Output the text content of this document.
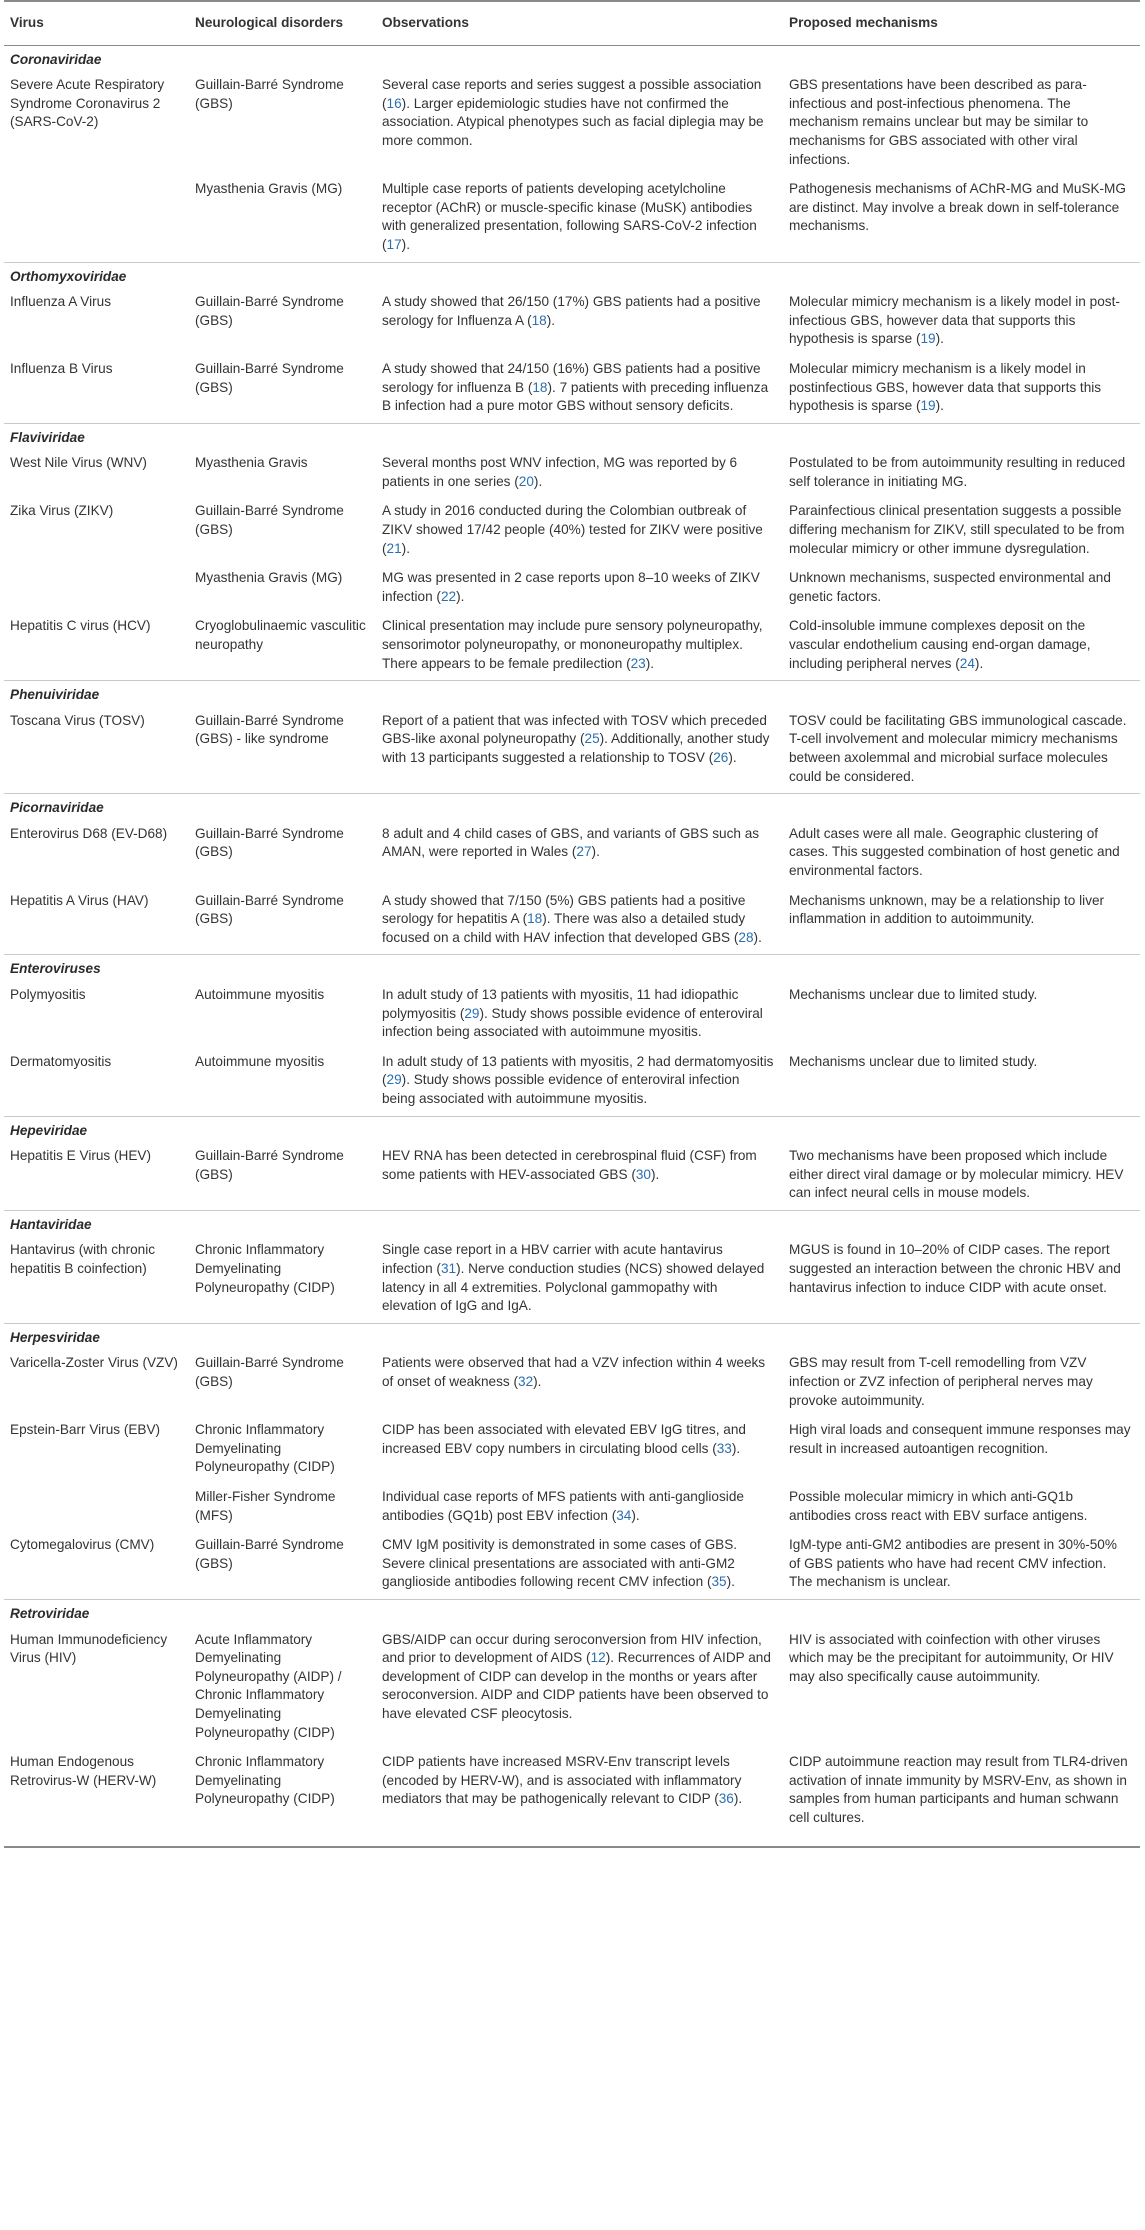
Virus	Neurological disorders	Observations	Proposed mechanisms
Coronaviridae			
Severe Acute Respiratory Syndrome Coronavirus 2 (SARS-CoV-2)	Guillain-Barré Syndrome (GBS)	Several case reports and series suggest a possible association (16). Larger epidemiologic studies have not confirmed the association. Atypical phenotypes such as facial diplegia may be more common.	GBS presentations have been described as para-infectious and post-infectious phenomena. The mechanism remains unclear but may be similar to mechanisms for GBS associated with other viral infections.
	Myasthenia Gravis (MG)	Multiple case reports of patients developing acetylcholine receptor (AChR) or muscle-specific kinase (MuSK) antibodies with generalized presentation, following SARS-CoV-2 infection (17).	Pathogenesis mechanisms of AChR-MG and MuSK-MG are distinct. May involve a break down in self-tolerance mechanisms.
Orthomyxoviridae			
Influenza A Virus	Guillain-Barré Syndrome (GBS)	A study showed that 26/150 (17%) GBS patients had a positive serology for Influenza A (18).	Molecular mimicry mechanism is a likely model in post-infectious GBS, however data that supports this hypothesis is sparse (19).
Influenza B Virus	Guillain-Barré Syndrome (GBS)	A study showed that 24/150 (16%) GBS patients had a positive serology for influenza B (18). 7 patients with preceding influenza B infection had a pure motor GBS without sensory deficits.	Molecular mimicry mechanism is a likely model in postinfectious GBS, however data that supports this hypothesis is sparse (19).
Flaviviridae			
West Nile Virus (WNV)	Myasthenia Gravis	Several months post WNV infection, MG was reported by 6 patients in one series (20).	Postulated to be from autoimmunity resulting in reduced self tolerance in initiating MG.
Zika Virus (ZIKV)	Guillain-Barré Syndrome (GBS)	A study in 2016 conducted during the Colombian outbreak of ZIKV showed 17/42 people (40%) tested for ZIKV were positive (21).	Parainfectious clinical presentation suggests a possible differing mechanism for ZIKV, still speculated to be from molecular mimicry or other immune dysregulation.
	Myasthenia Gravis (MG)	MG was presented in 2 case reports upon 8–10 weeks of ZIKV infection (22).	Unknown mechanisms, suspected environmental and genetic factors.
Hepatitis C virus (HCV)	Cryoglobulinaemic vasculitic neuropathy	Clinical presentation may include pure sensory polyneuropathy, sensorimotor polyneuropathy, or mononeuropathy multiplex. There appears to be female predilection (23).	Cold-insoluble immune complexes deposit on the vascular endothelium causing end-organ damage, including peripheral nerves (24).
Phenuiviridae			
Toscana Virus (TOSV)	Guillain-Barré Syndrome (GBS) - like syndrome	Report of a patient that was infected with TOSV which preceded GBS-like axonal polyneuropathy (25). Additionally, another study with 13 participants suggested a relationship to TOSV (26).	TOSV could be facilitating GBS immunological cascade. T-cell involvement and molecular mimicry mechanisms between axolemmal and microbial surface molecules could be considered.
Picornaviridae			
Enterovirus D68 (EV-D68)	Guillain-Barré Syndrome (GBS)	8 adult and 4 child cases of GBS, and variants of GBS such as AMAN, were reported in Wales (27).	Adult cases were all male. Geographic clustering of cases. This suggested combination of host genetic and environmental factors.
Hepatitis A Virus (HAV)	Guillain-Barré Syndrome (GBS)	A study showed that 7/150 (5%) GBS patients had a positive serology for hepatitis A (18). There was also a detailed study focused on a child with HAV infection that developed GBS (28).	Mechanisms unknown, may be a relationship to liver inflammation in addition to autoimmunity.
Enteroviruses			
Polymyositis	Autoimmune myositis	In adult study of 13 patients with myositis, 11 had idiopathic polymyositis (29). Study shows possible evidence of enteroviral infection being associated with autoimmune myositis.	Mechanisms unclear due to limited study.
Dermatomyositis	Autoimmune myositis	In adult study of 13 patients with myositis, 2 had dermatomyositis (29). Study shows possible evidence of enteroviral infection being associated with autoimmune myositis.	Mechanisms unclear due to limited study.
Hepeviridae			
Hepatitis E Virus (HEV)	Guillain-Barré Syndrome (GBS)	HEV RNA has been detected in cerebrospinal fluid (CSF) from some patients with HEV-associated GBS (30).	Two mechanisms have been proposed which include either direct viral damage or by molecular mimicry. HEV can infect neural cells in mouse models.
Hantaviridae			
Hantavirus (with chronic hepatitis B coinfection)	Chronic Inflammatory Demyelinating Polyneuropathy (CIDP)	Single case report in a HBV carrier with acute hantavirus infection (31). Nerve conduction studies (NCS) showed delayed latency in all 4 extremities. Polyclonal gammopathy with elevation of IgG and IgA.	MGUS is found in 10–20% of CIDP cases. The report suggested an interaction between the chronic HBV and hantavirus infection to induce CIDP with acute onset.
Herpesviridae			
Varicella-Zoster Virus (VZV)	Guillain-Barré Syndrome (GBS)	Patients were observed that had a VZV infection within 4 weeks of onset of weakness (32).	GBS may result from T-cell remodelling from VZV infection or ZVZ infection of peripheral nerves may provoke autoimmunity.
Epstein-Barr Virus (EBV)	Chronic Inflammatory Demyelinating Polyneuropathy (CIDP)	CIDP has been associated with elevated EBV IgG titres, and increased EBV copy numbers in circulating blood cells (33).	High viral loads and consequent immune responses may result in increased autoantigen recognition.
	Miller-Fisher Syndrome (MFS)	Individual case reports of MFS patients with anti-ganglioside antibodies (GQ1b) post EBV infection (34).	Possible molecular mimicry in which anti-GQ1b antibodies cross react with EBV surface antigens.
Cytomegalovirus (CMV)	Guillain-Barré Syndrome (GBS)	CMV IgM positivity is demonstrated in some cases of GBS. Severe clinical presentations are associated with anti-GM2 ganglioside antibodies following recent CMV infection (35).	IgM-type anti-GM2 antibodies are present in 30%-50% of GBS patients who have had recent CMV infection. The mechanism is unclear.
Retroviridae			
Human Immunodeficiency Virus (HIV)	Acute Inflammatory Demyelinating Polyneuropathy (AIDP) / Chronic Inflammatory Demyelinating Polyneuropathy (CIDP)	GBS/AIDP can occur during seroconversion from HIV infection, and prior to development of AIDS (12). Recurrences of AIDP and development of CIDP can develop in the months or years after seroconversion. AIDP and CIDP patients have been observed to have elevated CSF pleocytosis.	HIV is associated with coinfection with other viruses which may be the precipitant for autoimmunity, Or HIV may also specifically cause autoimmunity.
Human Endogenous Retrovirus-W (HERV-W)	Chronic Inflammatory Demyelinating Polyneuropathy (CIDP)	CIDP patients have increased MSRV-Env transcript levels (encoded by HERV-W), and is associated with inflammatory mediators that may be pathogenically relevant to CIDP (36).	CIDP autoimmune reaction may result from TLR4-driven activation of innate immunity by MSRV-Env, as shown in samples from human participants and human schwann cell cultures.
